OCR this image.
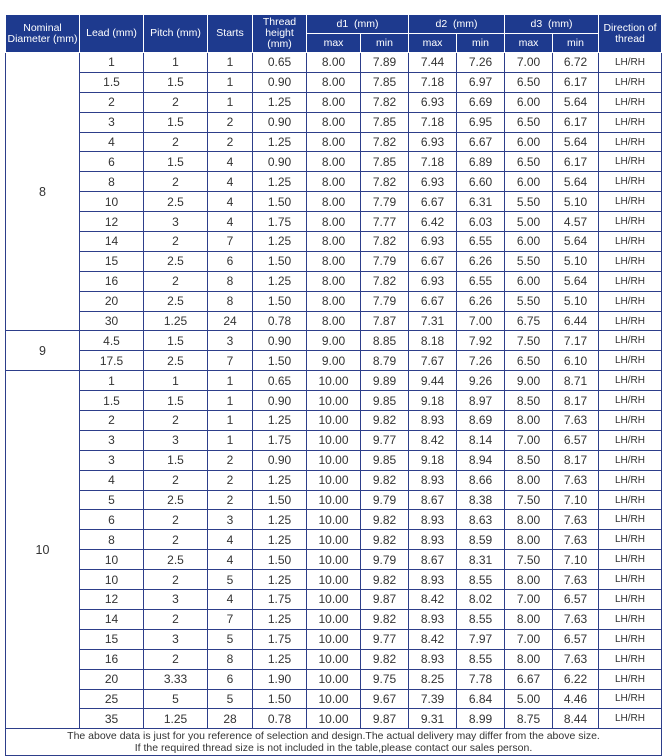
Nominal Diameter (mm)	Lead (mm)	Pitch (mm)	Starts	Thread height (mm)	d1  (mm)		d2  (mm)		d3  (mm)		Direction of thread
					max	min	max	min	max	min	
8	1	1	1	0.65	8.00	7.89	7.44	7.26	7.00	6.72	LH/RH
	1.5	1.5	1	0.90	8.00	7.85	7.18	6.97	6.50	6.17	LH/RH
	2	2	1	1.25	8.00	7.82	6.93	6.69	6.00	5.64	LH/RH
	3	1.5	2	0.90	8.00	7.85	7.18	6.95	6.50	6.17	LH/RH
	4	2	2	1.25	8.00	7.82	6.93	6.67	6.00	5.64	LH/RH
	6	1.5	4	0.90	8.00	7.85	7.18	6.89	6.50	6.17	LH/RH
	8	2	4	1.25	8.00	7.82	6.93	6.60	6.00	5.64	LH/RH
	10	2.5	4	1.50	8.00	7.79	6.67	6.31	5.50	5.10	LH/RH
	12	3	4	1.75	8.00	7.77	6.42	6.03	5.00	4.57	LH/RH
	14	2	7	1.25	8.00	7.82	6.93	6.55	6.00	5.64	LH/RH
	15	2.5	6	1.50	8.00	7.79	6.67	6.26	5.50	5.10	LH/RH
	16	2	8	1.25	8.00	7.82	6.93	6.55	6.00	5.64	LH/RH
	20	2.5	8	1.50	8.00	7.79	6.67	6.26	5.50	5.10	LH/RH
	30	1.25	24	0.78	8.00	7.87	7.31	7.00	6.75	6.44	LH/RH
9	4.5	1.5	3	0.90	9.00	8.85	8.18	7.92	7.50	7.17	LH/RH
	17.5	2.5	7	1.50	9.00	8.79	7.67	7.26	6.50	6.10	LH/RH
10	1	1	1	0.65	10.00	9.89	9.44	9.26	9.00	8.71	LH/RH
	1.5	1.5	1	0.90	10.00	9.85	9.18	8.97	8.50	8.17	LH/RH
	2	2	1	1.25	10.00	9.82	8.93	8.69	8.00	7.63	LH/RH
	3	3	1	1.75	10.00	9.77	8.42	8.14	7.00	6.57	LH/RH
	3	1.5	2	0.90	10.00	9.85	9.18	8.94	8.50	8.17	LH/RH
	4	2	2	1.25	10.00	9.82	8.93	8.66	8.00	7.63	LH/RH
	5	2.5	2	1.50	10.00	9.79	8.67	8.38	7.50	7.10	LH/RH
	6	2	3	1.25	10.00	9.82	8.93	8.63	8.00	7.63	LH/RH
	8	2	4	1.25	10.00	9.82	8.93	8.59	8.00	7.63	LH/RH
	10	2.5	4	1.50	10.00	9.79	8.67	8.31	7.50	7.10	LH/RH
	10	2	5	1.25	10.00	9.82	8.93	8.55	8.00	7.63	LH/RH
	12	3	4	1.75	10.00	9.87	8.42	8.02	7.00	6.57	LH/RH
	14	2	7	1.25	10.00	9.82	8.93	8.55	8.00	7.63	LH/RH
	15	3	5	1.75	10.00	9.77	8.42	7.97	7.00	6.57	LH/RH
	16	2	8	1.25	10.00	9.82	8.93	8.55	8.00	7.63	LH/RH
	20	3.33	6	1.90	10.00	9.75	8.25	7.78	6.67	6.22	LH/RH
	25	5	5	1.50	10.00	9.67	7.39	6.84	5.00	4.46	LH/RH
	35	1.25	28	0.78	10.00	9.87	9.31	8.99	8.75	8.44	LH/RH

The above data is just for you reference of selection and design.The actual delivery may differ from the above size.
If the required thread size is not included in the table,please contact our sales person.											
